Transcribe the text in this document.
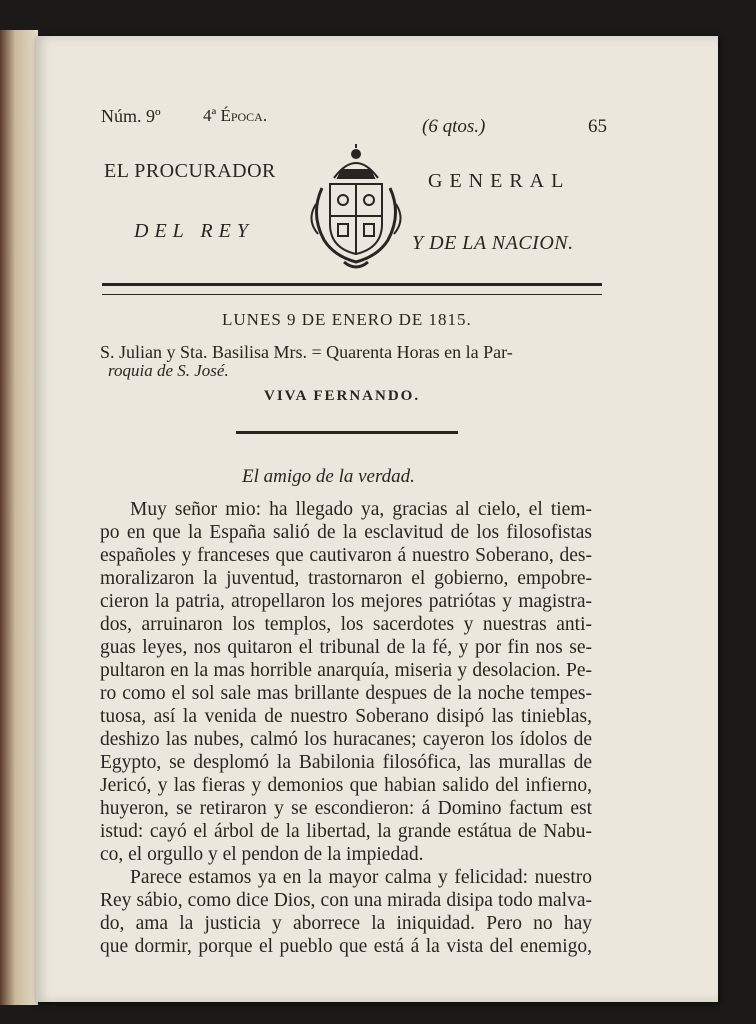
Núm. 9º 4ª Época.
(6 qtos.)	65
EL PROCURADOR	GENERAL
DEL REY
Y DE LA NACION.
LUNES 9 DE ENERO DE 1815.
S. Julian y Sta. Basilisa Mrs. = Quarenta Horas en la Par-
roquia de S. José.
VIVA FERNANDO.
El amigo de la verdad.
Muy señor mio: ha llegado ya, gracias al cielo, el tiem-
po en que la España salió de la esclavitud de los filosofistas
españoles y franceses que cautivaron á nuestro Soberano, des-
moralizaron la juventud, trastornaron el gobierno, empobre-
cieron la patria, atropellaron los mejores patriótas y magistra-
dos, arruinaron los templos, los sacerdotes y nuestras anti-
guas leyes, nos quitaron el tribunal de la fé, y por fin nos se-
pultaron en la mas horrible anarquía, miseria y desolacion. Pe-
ro como el sol sale mas brillante despues de la noche tempes-
tuosa, así la venida de nuestro Soberano disipó las tinieblas,
deshizo las nubes, calmó los huracanes; cayeron los ídolos de
Egypto, se desplomó la Babilonia filosófica, las murallas de
Jericó, y las fieras y demonios que habian salido del infierno,
huyeron, se retiraron y se escondieron: á Domino factum est
istud: cayó el árbol de la libertad, la grande estátua de Nabu-
co, el orgullo y el pendon de la impiedad.
Parece estamos ya en la mayor calma y felicidad: nuestro
Rey sábio, como dice Dios, con una mirada disipa todo malva-
do, ama la justicia y aborrece la iniquidad. Pero no hay
que dormir, porque el pueblo que está á la vista del enemigo,
